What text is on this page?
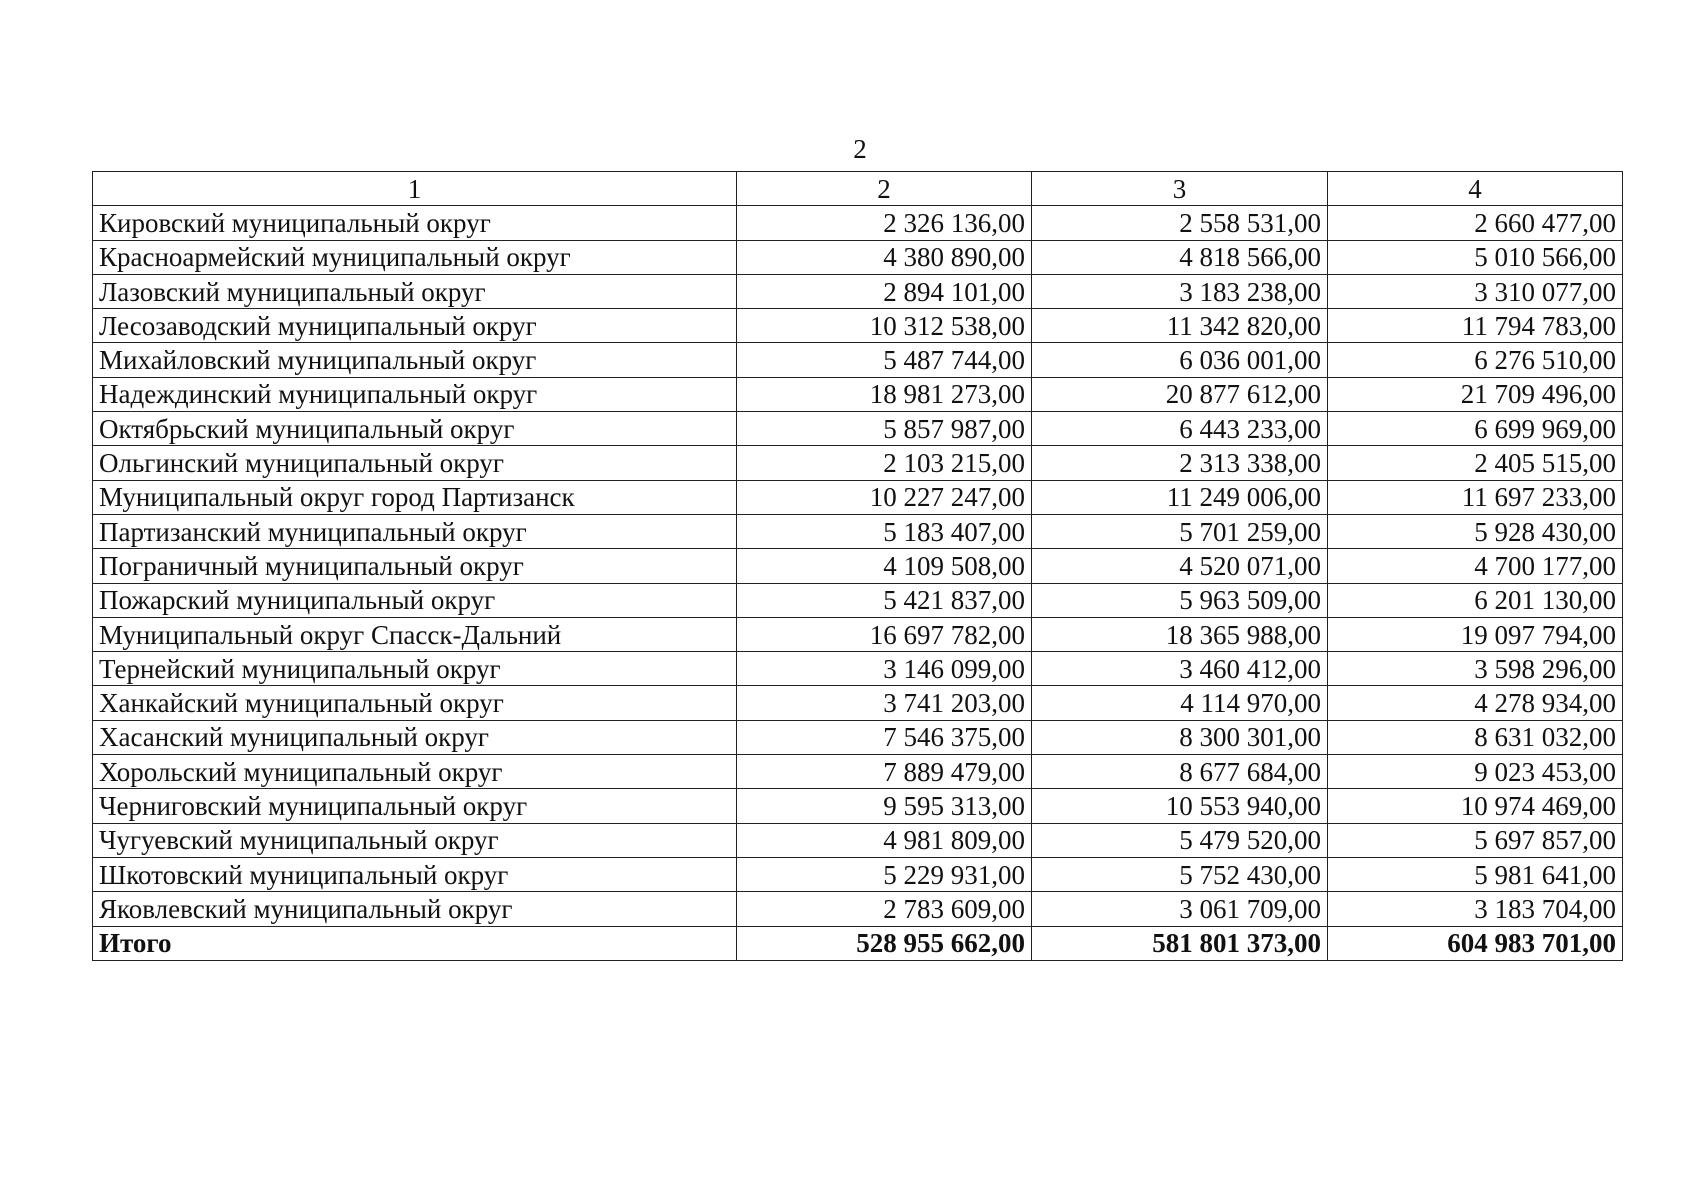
2
1	2	3	4
Кировский муниципальный округ	2 326 136,00	2 558 531,00	2 660 477,00
Красноармейский муниципальный округ	4 380 890,00	4 818 566,00	5 010 566,00
Лазовский муниципальный округ	2 894 101,00	3 183 238,00	3 310 077,00
Лесозаводский муниципальный округ	10 312 538,00	11 342 820,00	11 794 783,00
Михайловский муниципальный округ	5 487 744,00	6 036 001,00	6 276 510,00
Надеждинский муниципальный округ	18 981 273,00	20 877 612,00	21 709 496,00
Октябрьский муниципальный округ	5 857 987,00	6 443 233,00	6 699 969,00
Ольгинский муниципальный округ	2 103 215,00	2 313 338,00	2 405 515,00
Муниципальный округ город Партизанск	10 227 247,00	11 249 006,00	11 697 233,00
Партизанский муниципальный округ	5 183 407,00	5 701 259,00	5 928 430,00
Пограничный муниципальный округ	4 109 508,00	4 520 071,00	4 700 177,00
Пожарский муниципальный округ	5 421 837,00	5 963 509,00	6 201 130,00
Муниципальный округ Спасск-Дальний	16 697 782,00	18 365 988,00	19 097 794,00
Тернейский муниципальный округ	3 146 099,00	3 460 412,00	3 598 296,00
Ханкайский муниципальный округ	3 741 203,00	4 114 970,00	4 278 934,00
Хасанский муниципальный округ	7 546 375,00	8 300 301,00	8 631 032,00
Хорольский муниципальный округ	7 889 479,00	8 677 684,00	9 023 453,00
Черниговский муниципальный округ	9 595 313,00	10 553 940,00	10 974 469,00
Чугуевский муниципальный округ	4 981 809,00	5 479 520,00	5 697 857,00
Шкотовский муниципальный округ	5 229 931,00	5 752 430,00	5 981 641,00
Яковлевский муниципальный округ	2 783 609,00	3 061 709,00	3 183 704,00
Итого	528 955 662,00	581 801 373,00	604 983 701,00
